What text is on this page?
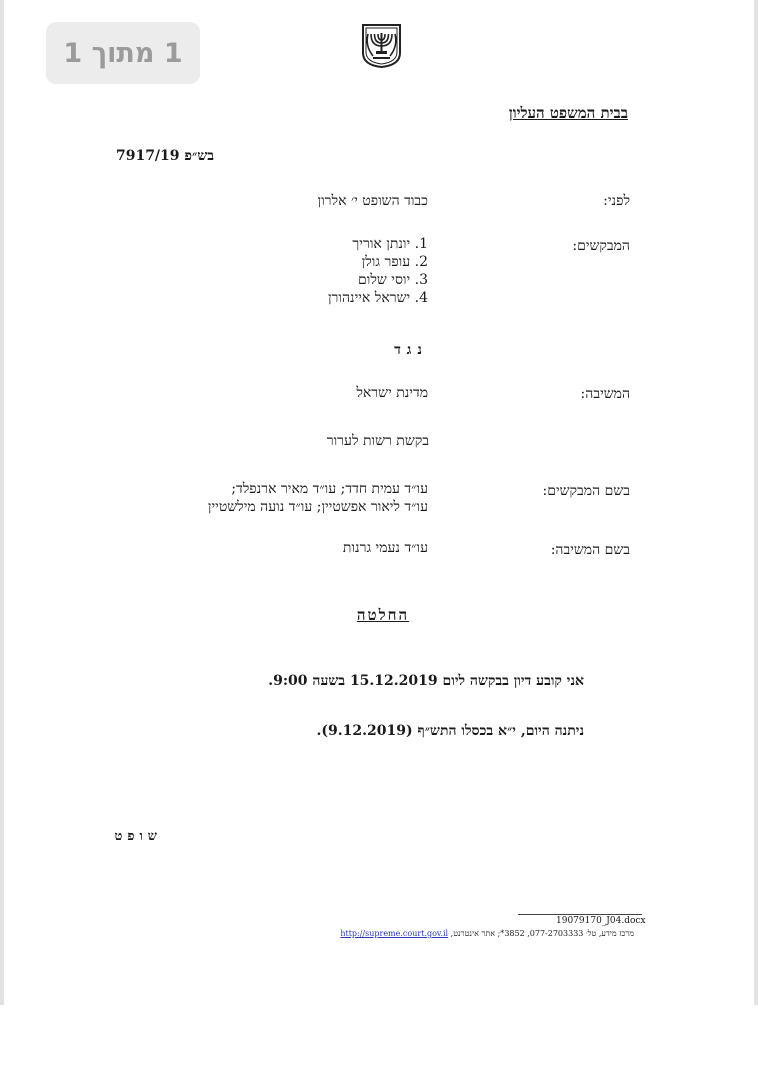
1 מתוך 1
בבית המשפט העליון
בש״פ 7917/19
לפני:
כבוד השופט י׳ אלרון
המבקשים:
1. יונתן אוריך
2. עופר גולן
3. יוסי שלום
4. ישראל איינהורן
נגד
המשיבה:
מדינת ישראל
בקשת רשות לערור
בשם המבקשים:
עו״ד עמית חדד; עו״ד מאיר ארנפלד;
עו״ד ליאור אפשטיין; עו״ד נועה מילשטיין
בשם המשיבה:
עו״ד נעמי גרנות
החלטה
אני קובע דיון בבקשה ליום 15.12.2019 בשעה 9:00.
ניתנה היום, י״א בכסלו התש״ף (9.12.2019).
שופט
19079170_J04.docx
מרכז מידע, טל׳ 077-2703333, 3852*; אתר אינטרנט, http://supreme.court.gov.il
